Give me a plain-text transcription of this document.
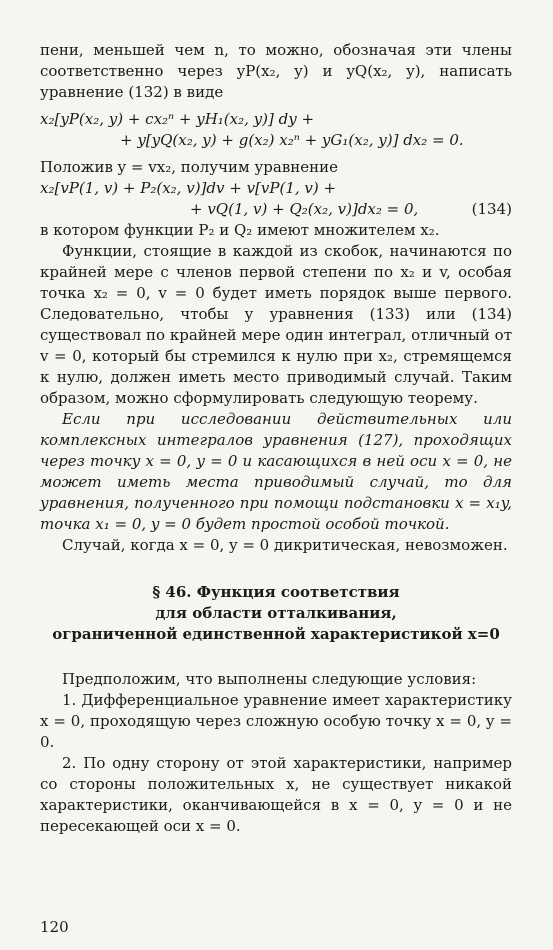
пени, меньшей чем n, то можно, обозначая эти члены соответственно через yP(x₂, y) и yQ(x₂, y), написать уравнение (132) в виде

x₂[yP(x₂, y) + cx₂ⁿ + yH₁(x₂, y)] dy +

+ y[yQ(x₂, y) + g(x₂) x₂ⁿ + yG₁(x₂, y)] dx₂ = 0.

Положив y = vx₂, получим уравнение

x₂[vP(1, v) + P₂(x₂, v)]dv + v[vP(1, v) +

+ vQ(1, v) + Q₂(x₂, v)]dx₂ = 0,	(134)

в котором функции P₂ и Q₂ имеют множителем x₂.

Функции, стоящие в каждой из скобок, начинаются по крайней мере с членов первой степени по x₂ и v, особая точка x₂ = 0, v = 0 будет иметь порядок выше первого. Следовательно, чтобы у уравнения (133) или (134) существовал по крайней мере один интеграл, отличный от v = 0, который бы стремился к нулю при x₂, стремящемся к нулю, должен иметь место приводимый случай. Таким образом, можно сформулировать следующую теорему.

Если при исследовании действительных или комплексных интегралов уравнения (127), проходящих через точку x = 0, y = 0 и касающихся в ней оси x = 0, не может иметь места приводимый случай, то для уравнения, полученного при помощи подстановки x = x₁y, точка x₁ = 0, y = 0 будет простой особой точкой.

Случай, когда x = 0, y = 0 дикритическая, невозможен.

§ 46. Функция соответствия

для области отталкивания,

ограниченной единственной характеристикой x=0

Предположим, что выполнены следующие условия:

1. Дифференциальное уравнение имеет характеристику x = 0, проходящую через сложную особую точку x = 0, y = 0.

2. По одну сторону от этой характеристики, например со стороны положительных x, не существует никакой характеристики, оканчивающейся в x = 0, y = 0 и не пересекающей оси x = 0.

120
